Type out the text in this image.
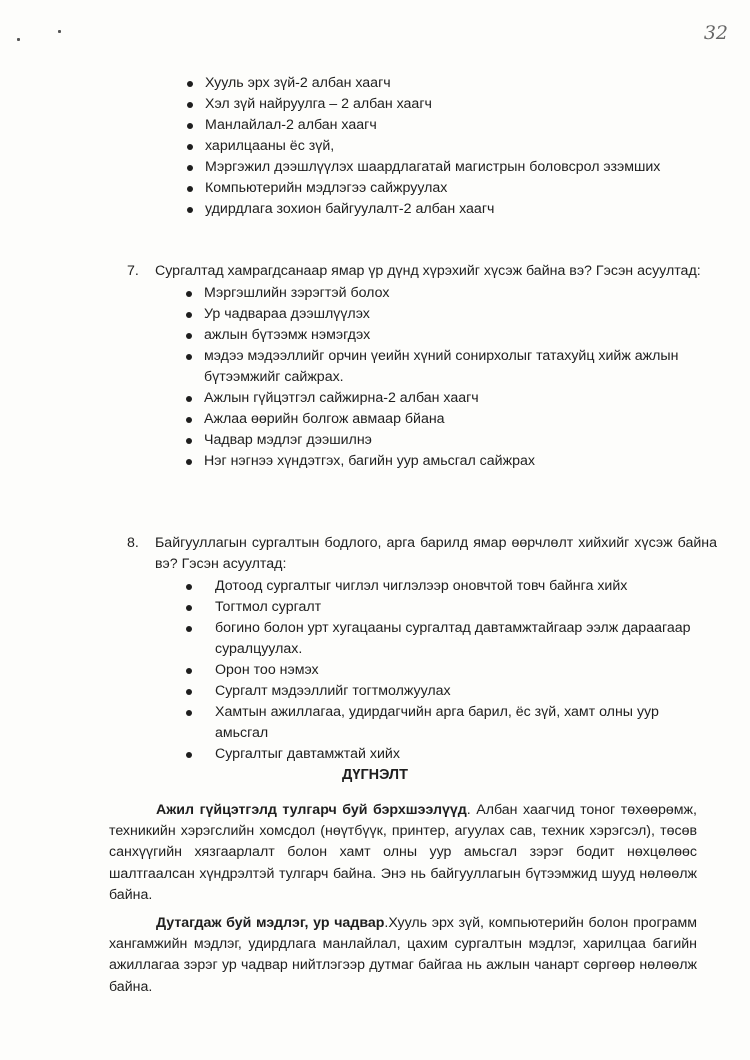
32
Хууль эрх зүй-2 албан хаагч
Хэл зүй найруулга – 2 албан хаагч
Манлайлал-2 албан хаагч
харилцааны ёс зүй,
Мэргэжил дээшлүүлэх шаардлагатай магистрын боловсрол эзэмших
Компьютерийн мэдлэгээ сайжруулах
удирдлага зохион байгуулалт-2 албан хаагч
7. Сургалтад хамрагдсанаар ямар үр дүнд хүрэхийг хүсэж байна вэ? Гэсэн асуултад:
Мэргэшлийн зэрэгтэй болох
Ур чадвараа дээшлүүлэх
ажлын бүтээмж нэмэгдэх
мэдээ мэдээллийг орчин үеийн хүний сонирхолыг татахуйц хийж ажлын бүтээмжийг сайжрах.
Ажлын гүйцэтгэл сайжирна-2 албан хаагч
Ажлаа өөрийн болгож авмаар бйана
Чадвар мэдлэг дээшилнэ
Нэг нэгнээ хүндэтгэх, багийн уур амьсгал сайжрах
8. Байгууллагын сургалтын бодлого, арга барилд ямар өөрчлөлт хийхийг хүсэж байна вэ? Гэсэн асуултад:
Дотоод сургалтыг чиглэл чиглэлээр оновчтой товч байнга хийх
Тогтмол сургалт
богино болон урт хугацааны сургалтад давтамжтайгаар ээлж дараагаар суралцуулах.
Орон тоо нэмэх
Сургалт мэдээллийг тогтмолжуулах
Хамтын ажиллагаа, удирдагчийн арга барил, ёс зүй, хамт олны уур амьсгал
Сургалтыг давтамжтай хийх
ДҮГНЭЛТ

Ажил гүйцэтгэлд тулгарч буй бэрхшээлүүд. Албан хаагчид тоног төхөөрөмж, техникийн хэрэгслийн хомсдол (нөүтбүүк, принтер, агуулах сав, техник хэрэгсэл), төсөв санхүүгийн хязгаарлалт болон хамт олны уур амьсгал зэрэг бодит нөхцөлөөс шалтгаалсан хүндрэлтэй тулгарч байна. Энэ нь байгууллагын бүтээмжид шууд нөлөөлж байна.

Дутагдаж буй мэдлэг, ур чадвар.Хууль эрх зүй, компьютерийн болон программ хангамжийн мэдлэг, удирдлага манлайлал, цахим сургалтын мэдлэг, харилцаа багийн ажиллагаа зэрэг ур чадвар нийтлэгээр дутмаг байгаа нь ажлын чанарт сөргөөр нөлөөлж байна.
